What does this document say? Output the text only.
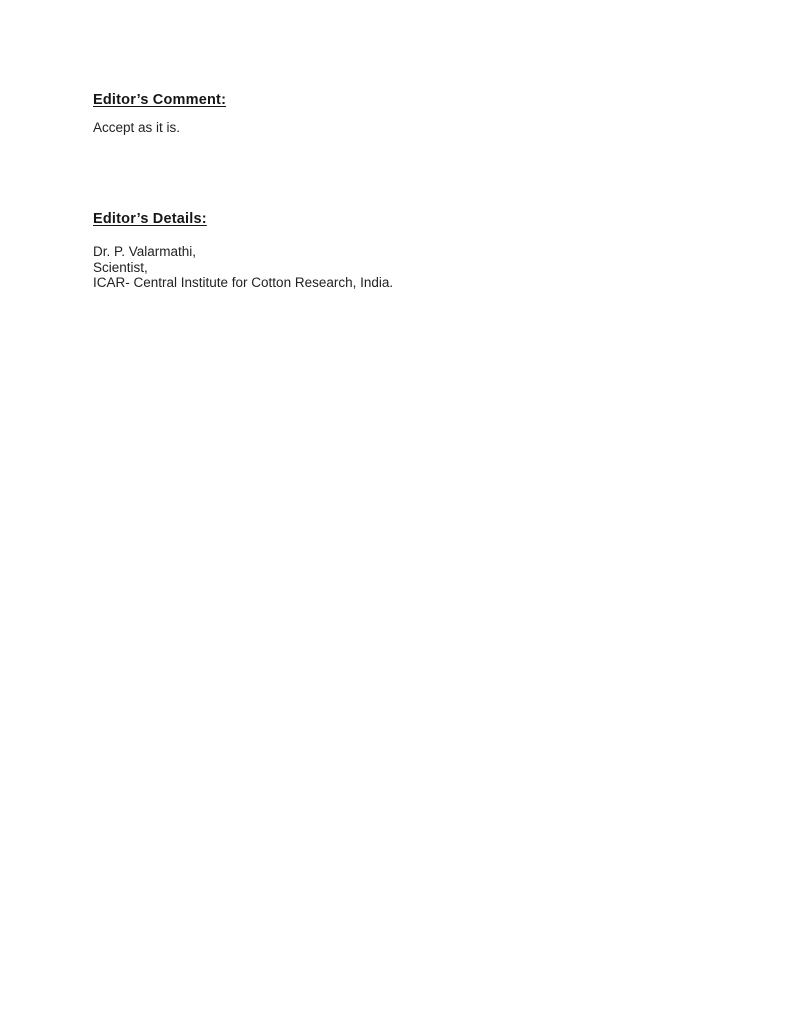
Editor’s Comment:
Accept as it is.
Editor’s Details:
Dr. P. Valarmathi,
Scientist,
ICAR- Central Institute for Cotton Research, India.
